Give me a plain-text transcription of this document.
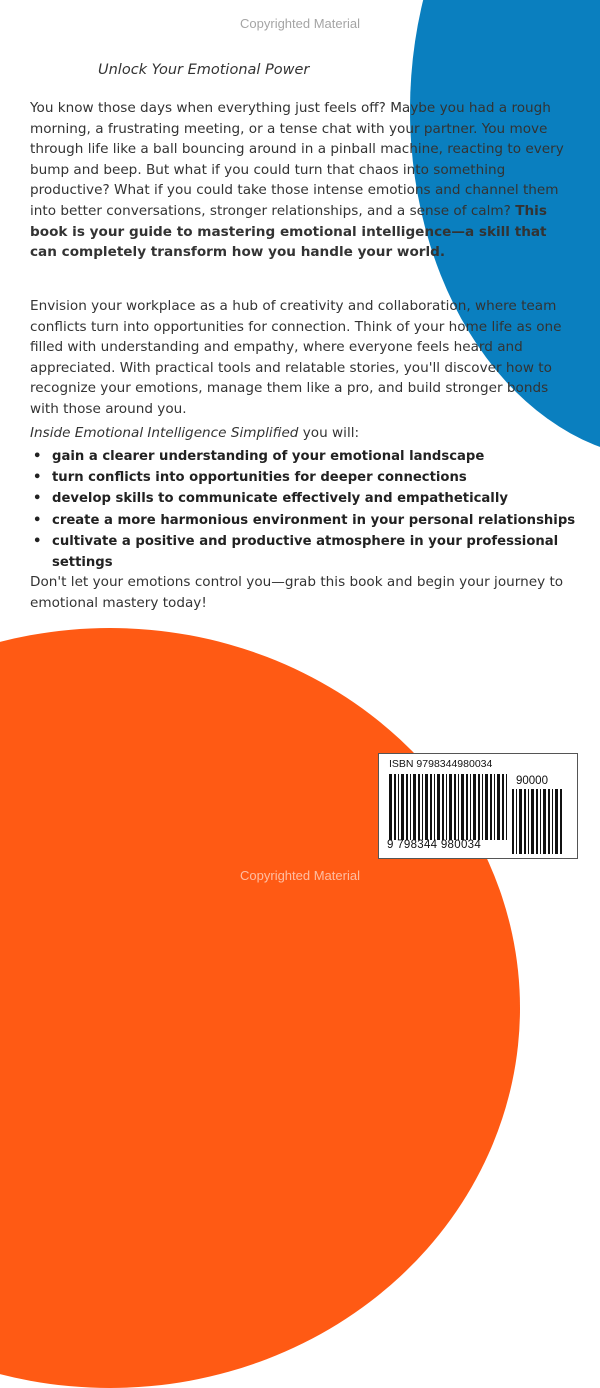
Copyrighted Material
Unlock Your Emotional Power
You know those days when everything just feels off? Maybe you had a rough morning, a frustrating meeting, or a tense chat with your partner. You move through life like a ball bouncing around in a pinball machine, reacting to every bump and beep. But what if you could turn that chaos into something productive? What if you could take those intense emotions and channel them into better conversations, stronger relationships, and a sense of calm? This book is your guide to mastering emotional intelligence—a skill that can completely transform how you handle your world.
Envision your workplace as a hub of creativity and collaboration, where team conflicts turn into opportunities for connection. Think of your home life as one filled with understanding and empathy, where everyone feels heard and appreciated. With practical tools and relatable stories, you'll discover how to recognize your emotions, manage them like a pro, and build stronger bonds with those around you.
Inside Emotional Intelligence Simplified you will:
• gain a clearer understanding of your emotional landscape
• turn conflicts into opportunities for deeper connections
• develop skills to communicate effectively and empathetically
• create a more harmonious environment in your personal relationships
• cultivate a positive and productive atmosphere in your professional settings
Don't let your emotions control you—grab this book and begin your journey to emotional mastery today!
ISBN 9798344980034
90000
9 798344 980034
Copyrighted Material
